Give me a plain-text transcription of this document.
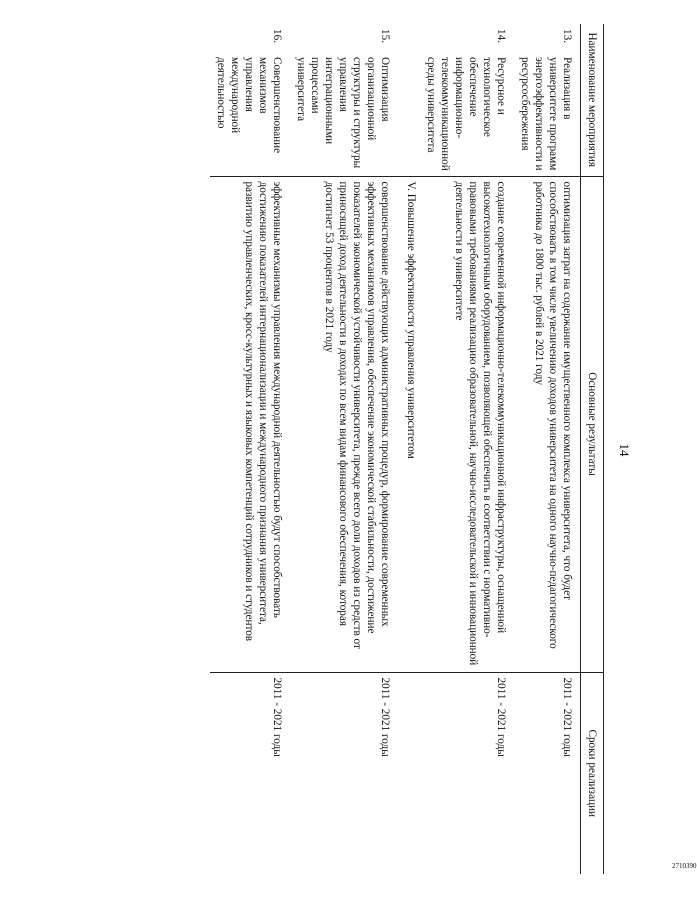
14
Наименование мероприятия		Основные результаты	Сроки реализации
13.	Реализация в университете программ энергоэффективности и ресурсосбережения	оптимизация затрат на содержание имущественного комплекса университета, что будет способствовать в том числе увеличению доходов университета на одного научно-педагогического работника до 1800 тыс. рублей в 2021 году	2011 - 2021 годы
14.	Ресурсное и технологическое обеспечение информационно-телекоммуникационной среды университета	создание современной информационно-телекоммуникационной инфраструктуры, оснащенной высокотехнологичным оборудованием, позволяющей обеспечить в соответствии с нормативно-правовыми требованиями реализацию образовательной, научно-исследовательской и инновационной деятельности в университете	2011 - 2021 годы
		V. Повышение эффективности управления университетом	
15.	Оптимизация организационной структуры и структуры управления интеграционными процессами университета	совершенствование действующих административных процедур, формирование современных эффективных механизмов управления, обеспечение экономической стабильности, достижение показателей экономической устойчивости университета, прежде всего доли доходов из средств от приносящей доход деятельности в доходах по всем видам финансового обеспечения, которая достигнет 53 процентов в 2021 году	2011 - 2021 годы
16.	Совершенствование механизмов управления международной деятельностью	эффективные механизмы управления международной деятельностью будут способствовать достижению показателей интернационализации и международного признания университета, развитию управленческих, кросс-культурных и языковых компетенций сотрудников и студентов	2011 - 2021 годы
2710390
